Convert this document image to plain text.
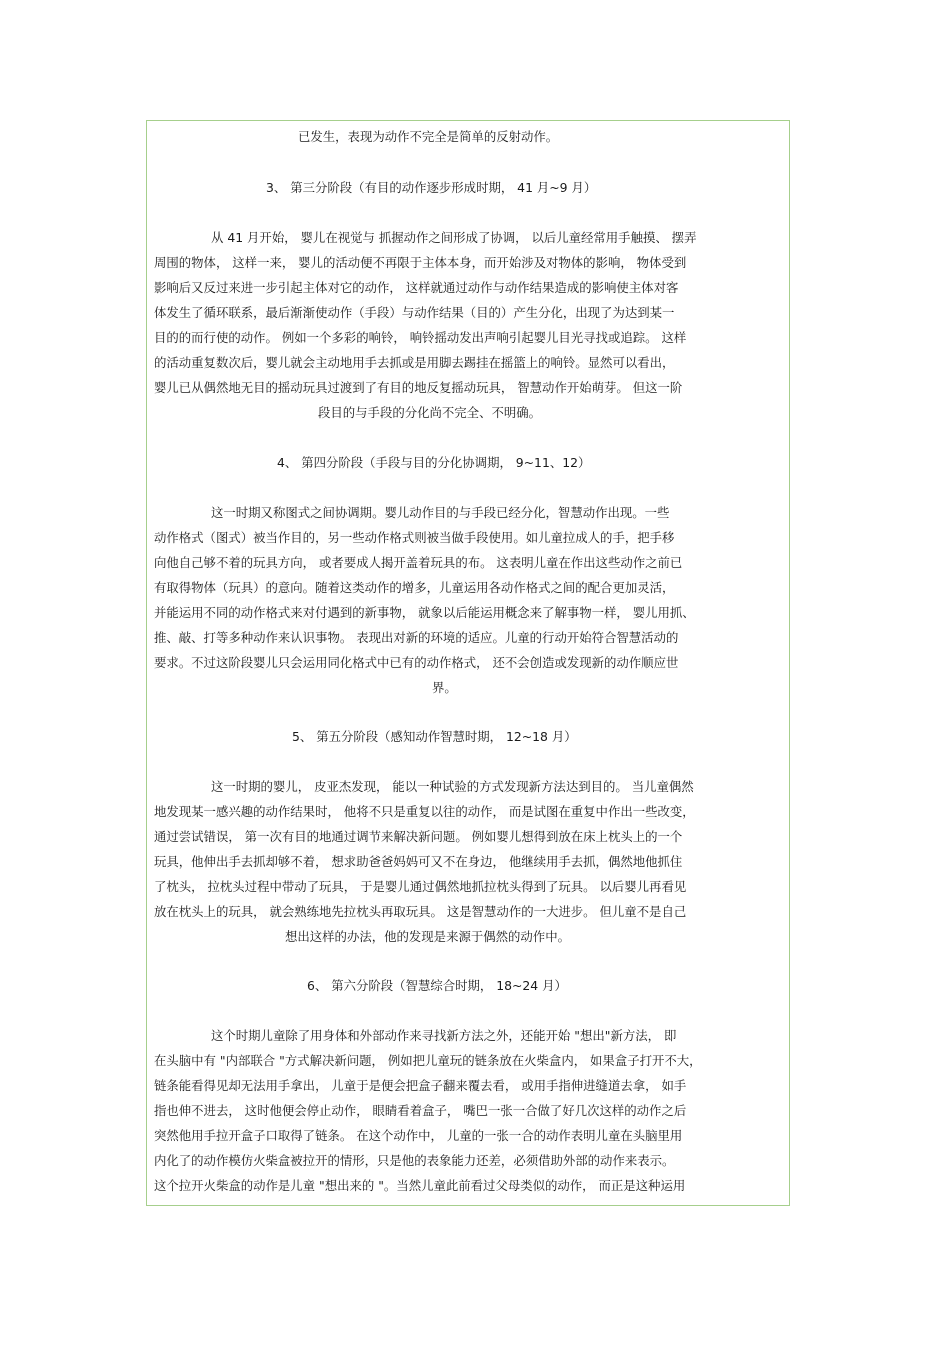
已发生，表现为动作不完全是简单的反射动作。

3、 第三分阶段（有目的动作逐步形成时期， 41 月~9 月）

从 41 月开始， 婴儿在视觉与 抓握动作之间形成了协调， 以后儿童经常用手触摸、 摆弄

周围的物体， 这样一来， 婴儿的活动便不再限于主体本身，而开始涉及对物体的影响， 物体受到

影响后又反过来进一步引起主体对它的动作， 这样就通过动作与动作结果造成的影响使主体对客

体发生了循环联系，最后渐渐使动作（手段）与动作结果（目的）产生分化，出现了为达到某一

目的的而行使的动作。 例如一个多彩的响铃， 响铃摇动发出声响引起婴儿目光寻找或追踪。 这样

的活动重复数次后，婴儿就会主动地用手去抓或是用脚去踢挂在摇篮上的响铃。显然可以看出，

婴儿已从偶然地无目的摇动玩具过渡到了有目的地反复摇动玩具， 智慧动作开始萌芽。 但这一阶

段目的与手段的分化尚不完全、不明确。

4、 第四分阶段（手段与目的分化协调期， 9~11、12）

这一时期又称图式之间协调期。婴儿动作目的与手段已经分化，智慧动作出现。一些

动作格式（图式）被当作目的，另一些动作格式则被当做手段使用。如儿童拉成人的手，把手移

向他自己够不着的玩具方向， 或者要成人揭开盖着玩具的布。 这表明儿童在作出这些动作之前已

有取得物体（玩具）的意向。随着这类动作的增多，儿童运用各动作格式之间的配合更加灵活，

并能运用不同的动作格式来对付遇到的新事物， 就象以后能运用概念来了解事物一样， 婴儿用抓、

推、敲、打等多种动作来认识事物。 表现出对新的环境的适应。儿童的行动开始符合智慧活动的

要求。不过这阶段婴儿只会运用同化格式中已有的动作格式， 还不会创造或发现新的动作顺应世

界。

5、 第五分阶段（感知动作智慧时期， 12~18 月）

这一时期的婴儿， 皮亚杰发现， 能以一种试验的方式发现新方法达到目的。 当儿童偶然

地发现某一感兴趣的动作结果时， 他将不只是重复以往的动作， 而是试图在重复中作出一些改变，

通过尝试错误， 第一次有目的地通过调节来解决新问题。 例如婴儿想得到放在床上枕头上的一个

玩具，他伸出手去抓却够不着， 想求助爸爸妈妈可又不在身边， 他继续用手去抓，偶然地他抓住

了枕头， 拉枕头过程中带动了玩具， 于是婴儿通过偶然地抓拉枕头得到了玩具。 以后婴儿再看见

放在枕头上的玩具， 就会熟练地先拉枕头再取玩具。 这是智慧动作的一大进步。 但儿童不是自己

想出这样的办法，他的发现是来源于偶然的动作中。

6、 第六分阶段（智慧综合时期， 18~24 月）

这个时期儿童除了用身体和外部动作来寻找新方法之外，还能开始 "想出"新方法， 即

在头脑中有 "内部联合 "方式解决新问题， 例如把儿童玩的链条放在火柴盒内， 如果盒子打开不大，

链条能看得见却无法用手拿出， 儿童于是便会把盒子翻来覆去看， 或用手指伸进缝道去拿， 如手

指也伸不进去， 这时他便会停止动作， 眼睛看着盒子， 嘴巴一张一合做了好几次这样的动作之后

突然他用手拉开盒子口取得了链条。 在这个动作中， 儿童的一张一合的动作表明儿童在头脑里用

内化了的动作模仿火柴盒被拉开的情形，只是他的表象能力还差，必须借助外部的动作来表示。

这个拉开火柴盒的动作是儿童 "想出来的 "。当然儿童此前看过父母类似的动作， 而正是这种运用
